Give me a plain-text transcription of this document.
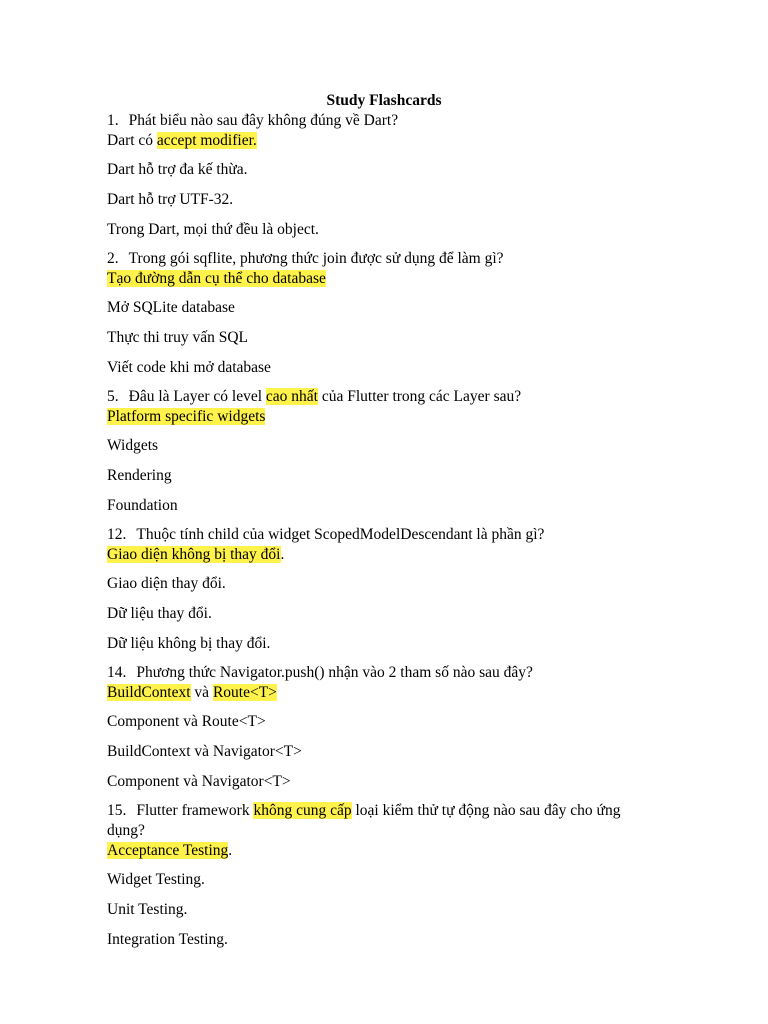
Study Flashcards
1. Phát biểu nào sau đây không đúng về Dart?
Dart có accept modifier.
Dart hỗ trợ đa kế thừa.
Dart hỗ trợ UTF-32.
Trong Dart, mọi thứ đều là object.
2. Trong gói sqflite, phương thức join được sử dụng để làm gì?
Tạo đường dẫn cụ thể cho database
Mở SQLite database
Thực thi truy vấn SQL
Viết code khi mở database
5. Đâu là Layer có level cao nhất của Flutter trong các Layer sau?
Platform specific widgets
Widgets
Rendering
Foundation
12. Thuộc tính child của widget ScopedModelDescendant là phần gì?
Giao diện không bị thay đổi.
Giao diện thay đổi.
Dữ liệu thay đổi.
Dữ liệu không bị thay đổi.
14. Phương thức Navigator.push() nhận vào 2 tham số nào sau đây?
BuildContext và Route<T>
Component và Route<T>
BuildContext và Navigator<T>
Component và Navigator<T>
15. Flutter framework không cung cấp loại kiểm thử tự động nào sau đây cho ứng
dụng?
Acceptance Testing.
Widget Testing.
Unit Testing.
Integration Testing.
